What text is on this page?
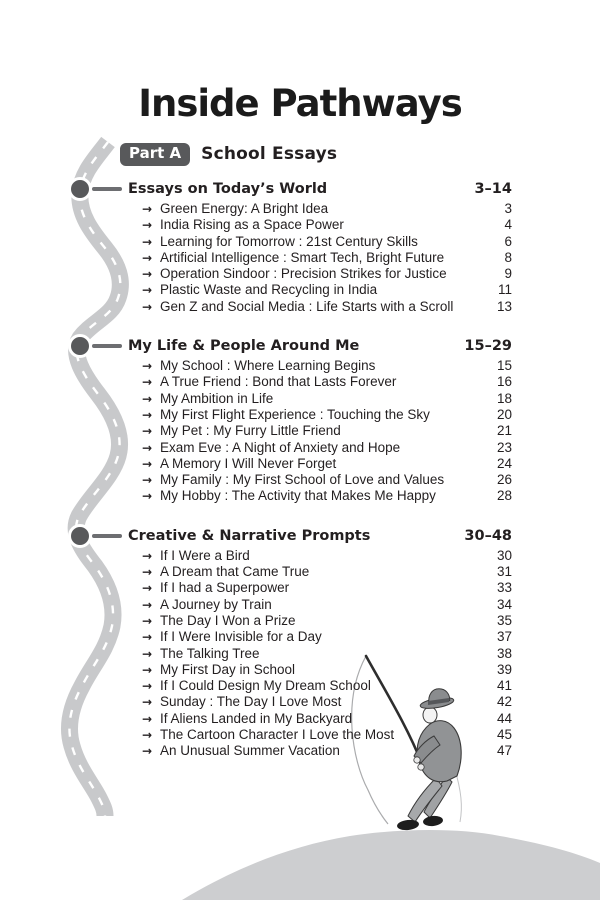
Inside Pathways
Part A	School Essays
Essays on Today’s World	3–14
→ Green Energy: A Bright Idea	3
→ India Rising as a Space Power	4
→ Learning for Tomorrow : 21st Century Skills	6
→ Artificial Intelligence : Smart Tech, Bright Future	8
→ Operation Sindoor : Precision Strikes for Justice	9
→ Plastic Waste and Recycling in India	11
→ Gen Z and Social Media : Life Starts with a Scroll	13
My Life & People Around Me	15–29
→ My School : Where Learning Begins	15
→ A True Friend : Bond that Lasts Forever	16
→ My Ambition in Life	18
→ My First Flight Experience : Touching the Sky	20
→ My Pet : My Furry Little Friend	21
→ Exam Eve : A Night of Anxiety and Hope	23
→ A Memory I Will Never Forget	24
→ My Family : My First School of Love and Values	26
→ My Hobby : The Activity that Makes Me Happy	28
Creative & Narrative Prompts	30–48
→ If I Were a Bird	30
→ A Dream that Came True	31
→ If I had a Superpower	33
→ A Journey by Train	34
→ The Day I Won a Prize	35
→ If I Were Invisible for a Day	37
→ The Talking Tree	38
→ My First Day in School	39
→ If I Could Design My Dream School	41
→ Sunday : The Day I Love Most	42
→ If Aliens Landed in My Backyard	44
→ The Cartoon Character I Love the Most	45
→ An Unusual Summer Vacation	47
